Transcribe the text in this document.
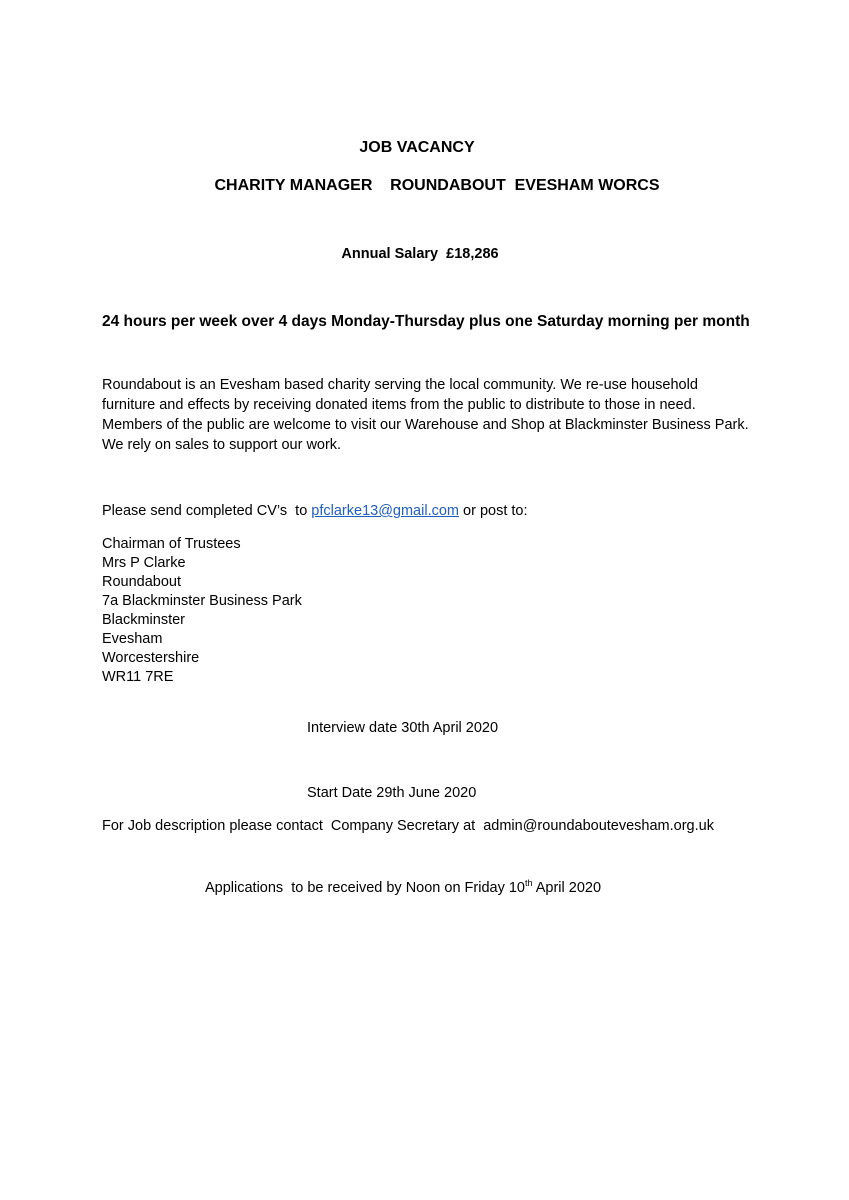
JOB VACANCY
CHARITY MANAGER    ROUNDABOUT  EVESHAM WORCS
Annual Salary  £18,286
24 hours per week over 4 days Monday-Thursday plus one Saturday morning per month
Roundabout is an Evesham based charity serving the local community. We re-use household
furniture and effects by receiving donated items from the public to distribute to those in need.
Members of the public are welcome to visit our Warehouse and Shop at Blackminster Business Park.
We rely on sales to support our work.
Please send completed CV’s  to pfclarke13@gmail.com or post to:
Chairman of Trustees
Mrs P Clarke
Roundabout
7a Blackminster Business Park
Blackminster
Evesham
Worcestershire
WR11 7RE
Interview date 30th April 2020
Start Date 29th June 2020
For Job description please contact  Company Secretary at  admin@roundaboutevesham.org.uk
Applications  to be received by Noon on Friday 10th April 2020
